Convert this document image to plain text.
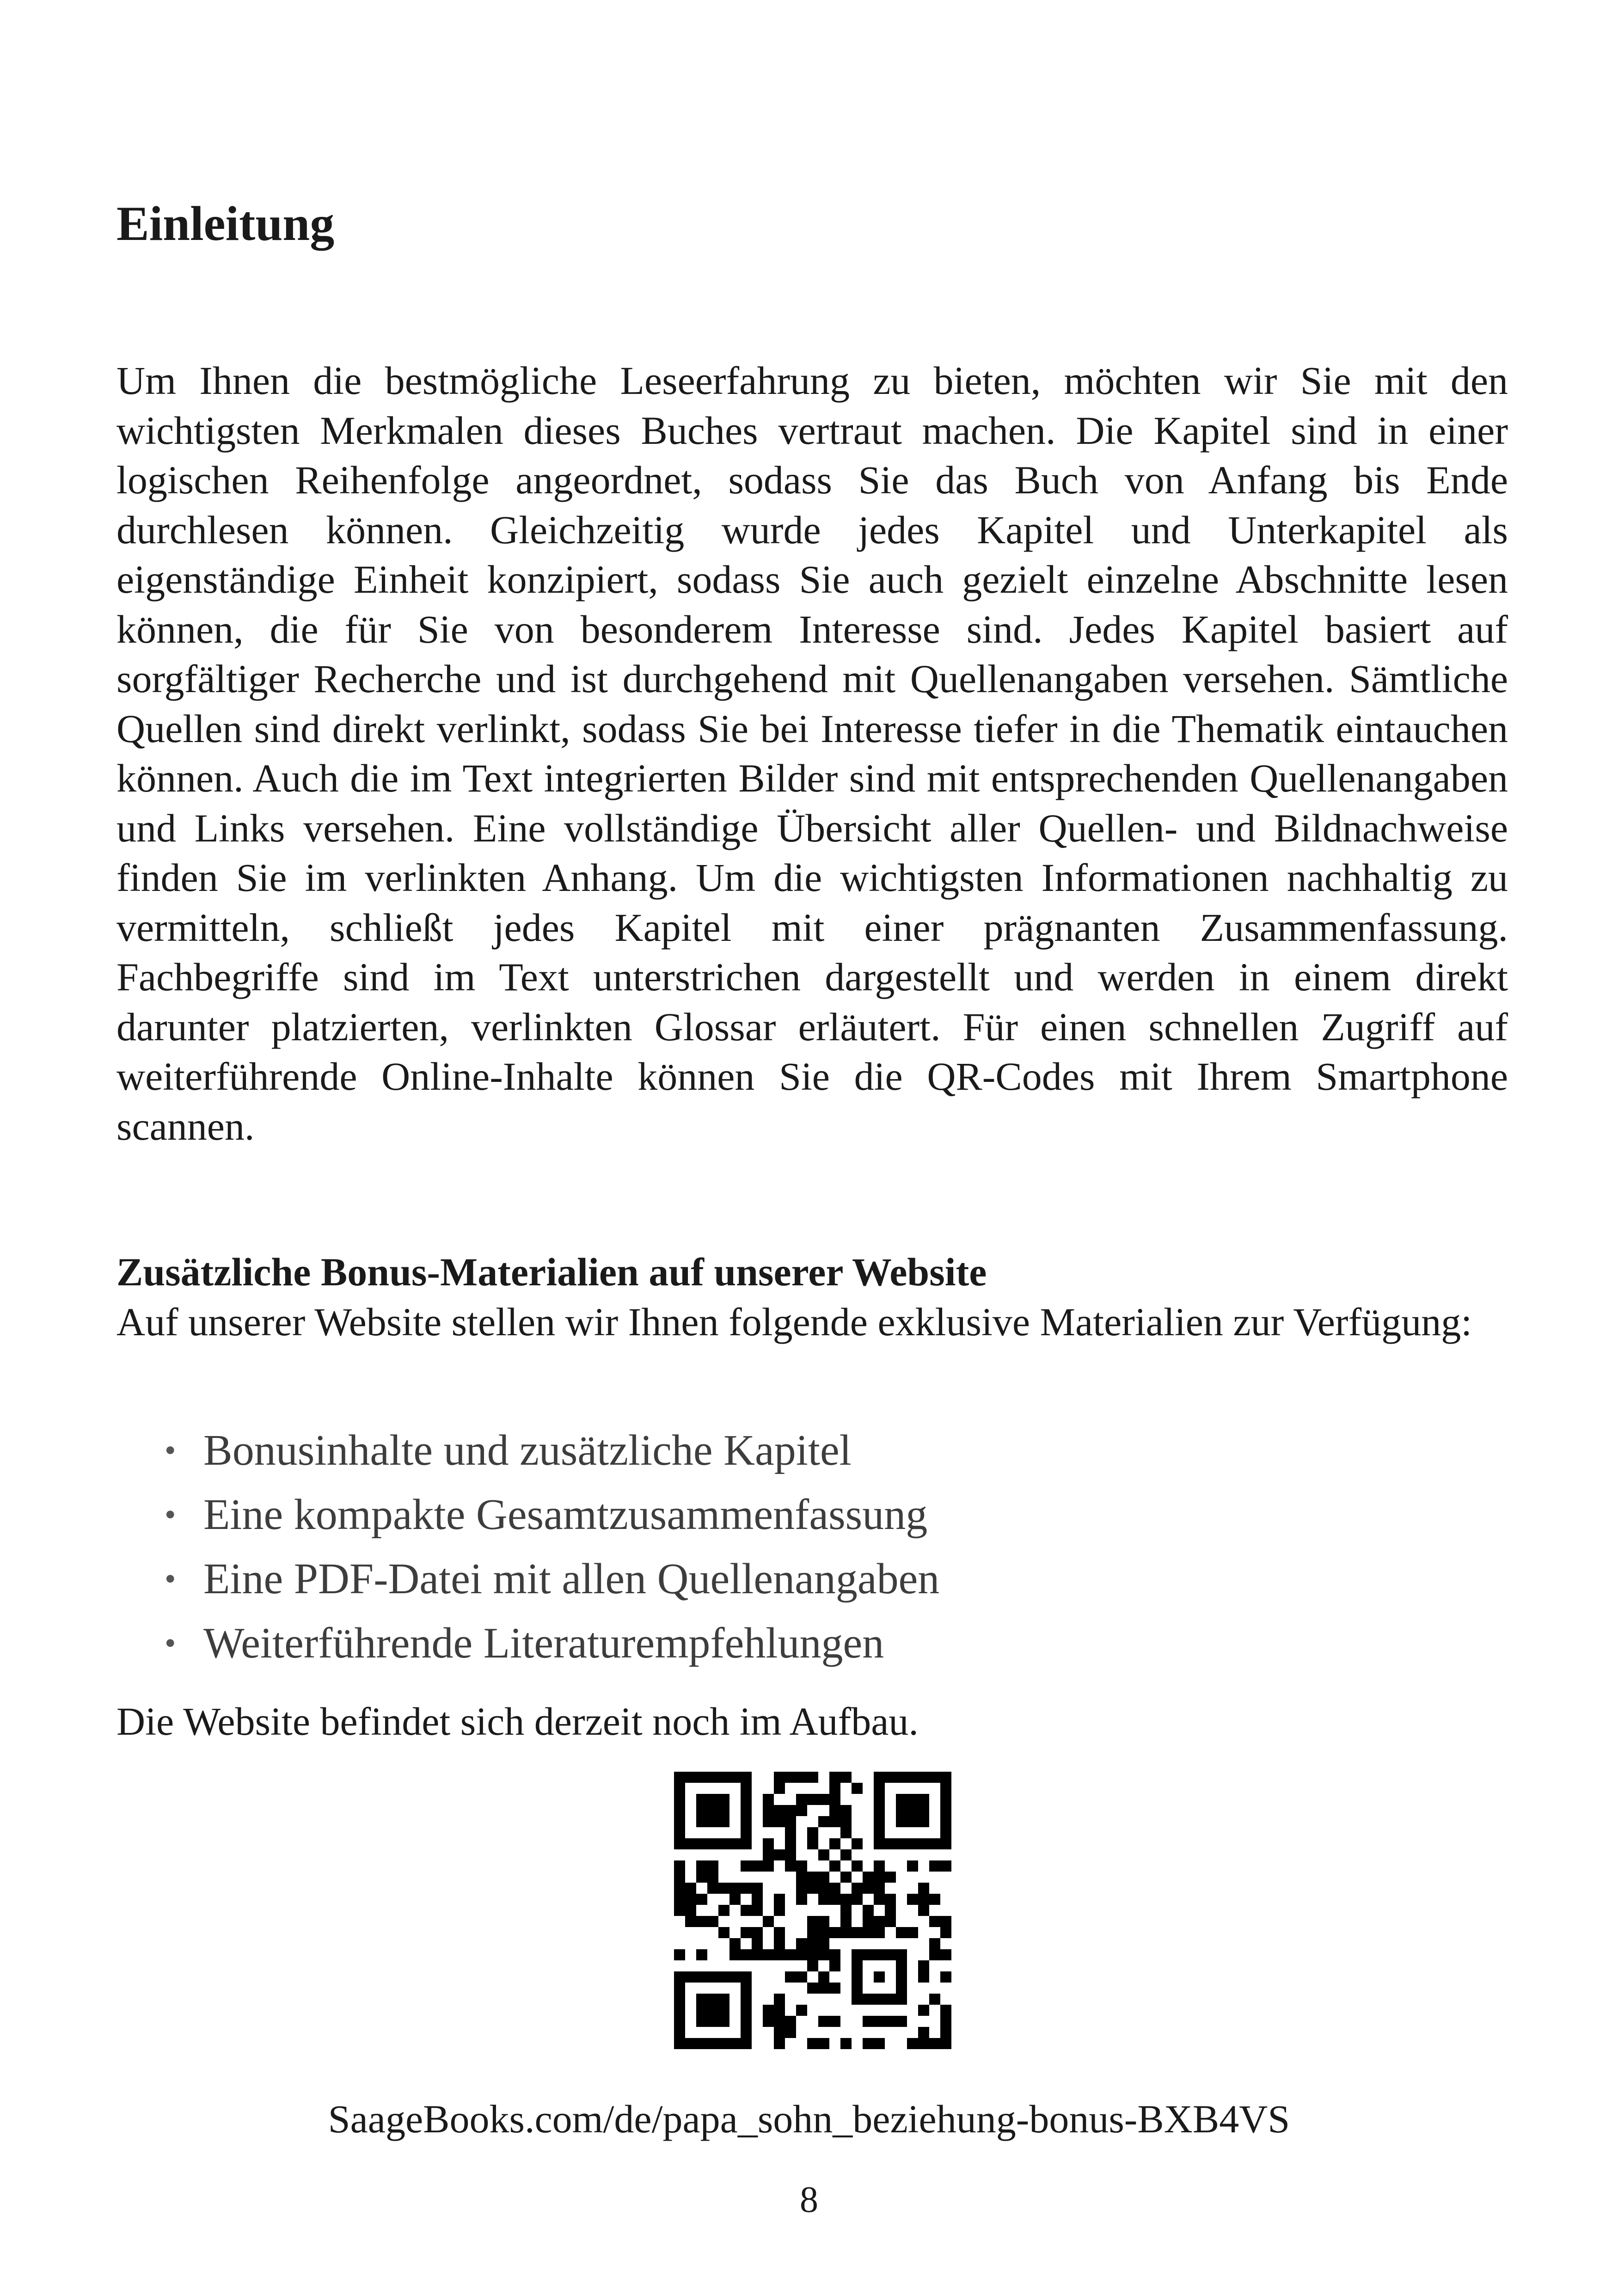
Einleitung

Um Ihnen die bestmögliche Leseerfahrung zu bieten, möchten wir Sie mit den wichtigsten Merkmalen dieses Buches vertraut machen. Die Kapitel sind in einer logischen Reihenfolge angeordnet, sodass Sie das Buch von Anfang bis Ende durchlesen können. Gleichzeitig wurde jedes Kapitel und Unterkapitel als eigenständige Einheit konzipiert, sodass Sie auch gezielt einzelne Abschnitte lesen können, die für Sie von besonderem Interesse sind. Jedes Kapitel basiert auf sorgfältiger Recherche und ist durchgehend mit Quellenangaben versehen. Sämtliche Quellen sind direkt verlinkt, sodass Sie bei Interesse tiefer in die Thematik eintauchen können. Auch die im Text integrierten Bilder sind mit entsprechenden Quellenangaben und Links versehen. Eine vollständige Übersicht aller Quellen- und Bildnachweise finden Sie im verlinkten Anhang. Um die wichtigsten Informationen nachhaltig zu vermitteln, schließt jedes Kapitel mit einer prägnanten Zusammenfassung. Fachbegriffe sind im Text unterstrichen dargestellt und werden in einem direkt darunter platzierten, verlinkten Glossar erläutert. Für einen schnellen Zugriff auf weiterführende Online-Inhalte können Sie die QR-Codes mit Ihrem Smartphone scannen.

Zusätzliche Bonus-Materialien auf unserer Website

Auf unserer Website stellen wir Ihnen folgende exklusive Materialien zur Verfügung:

• Bonusinhalte und zusätzliche Kapitel
• Eine kompakte Gesamtzusammenfassung
• Eine PDF-Datei mit allen Quellenangaben
• Weiterführende Literaturempfehlungen

Die Website befindet sich derzeit noch im Aufbau.

SaageBooks.com/de/papa_sohn_beziehung-bonus-BXB4VS

8
